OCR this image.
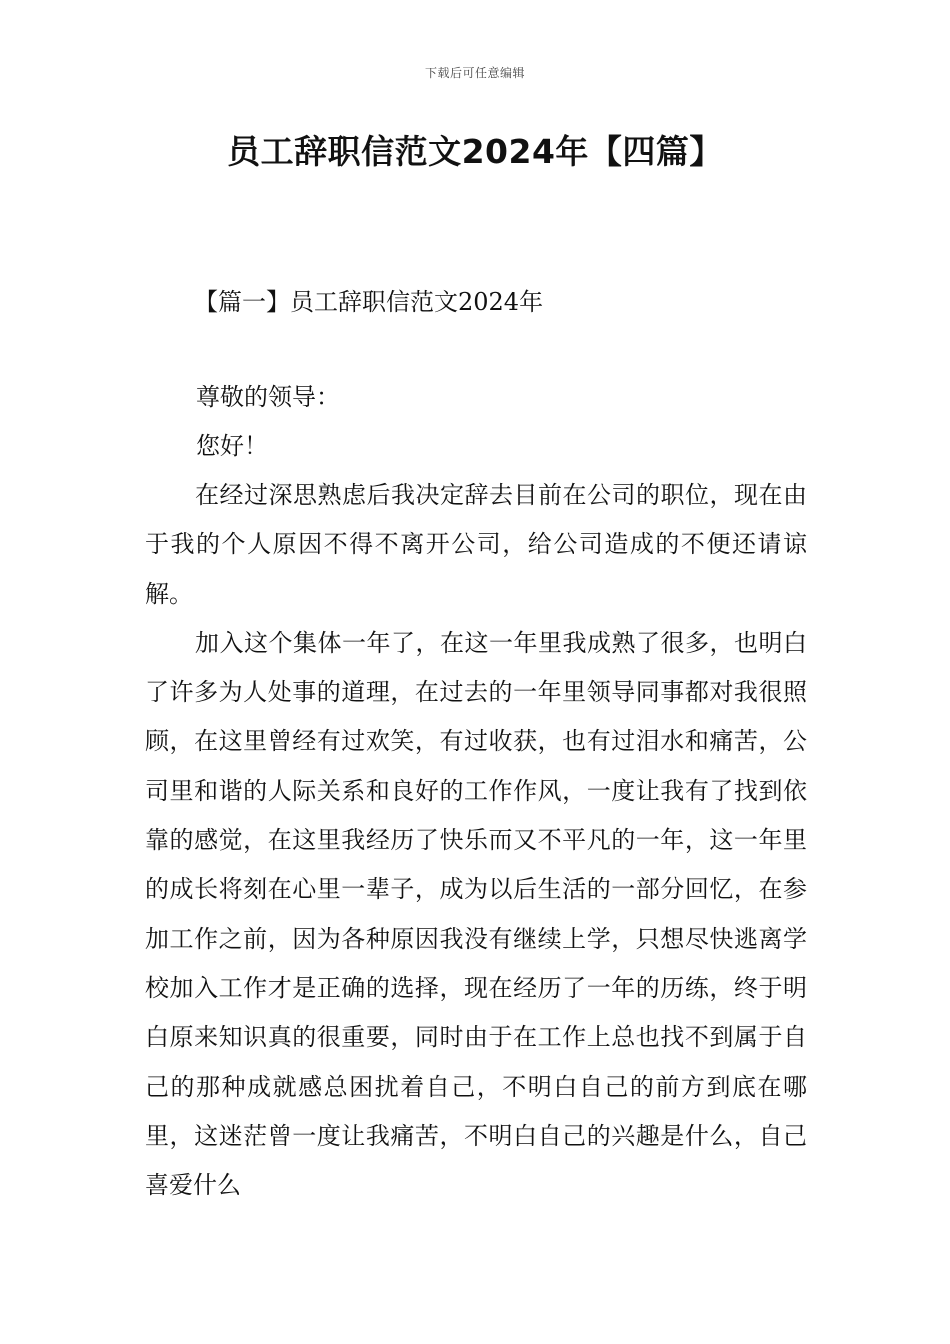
下载后可任意编辑
员工辞职信范文2024年【四篇】
【篇一】员工辞职信范文2024年
尊敬的领导：
您好！

在经过深思熟虑后我决定辞去目前在公司的职位，现在由于我的个人原因不得不离开公司，给公司造成的不便还请谅解。

加入这个集体一年了，在这一年里我成熟了很多，也明白了许多为人处事的道理，在过去的一年里领导同事都对我很照顾，在这里曾经有过欢笑，有过收获，也有过泪水和痛苦，公司里和谐的人际关系和良好的工作作风，一度让我有了找到依靠的感觉，在这里我经历了快乐而又不平凡的一年，这一年里的成长将刻在心里一辈子，成为以后生活的一部分回忆，在参加工作之前，因为各种原因我没有继续上学，只想尽快逃离学校加入工作才是正确的选择，现在经历了一年的历练，终于明白原来知识真的很重要，同时由于在工作上总也找不到属于自己的那种成就感总困扰着自己，不明白自己的前方到底在哪里，这迷茫曾一度让我痛苦，不明白自己的兴趣是什么，自己喜爱什么
